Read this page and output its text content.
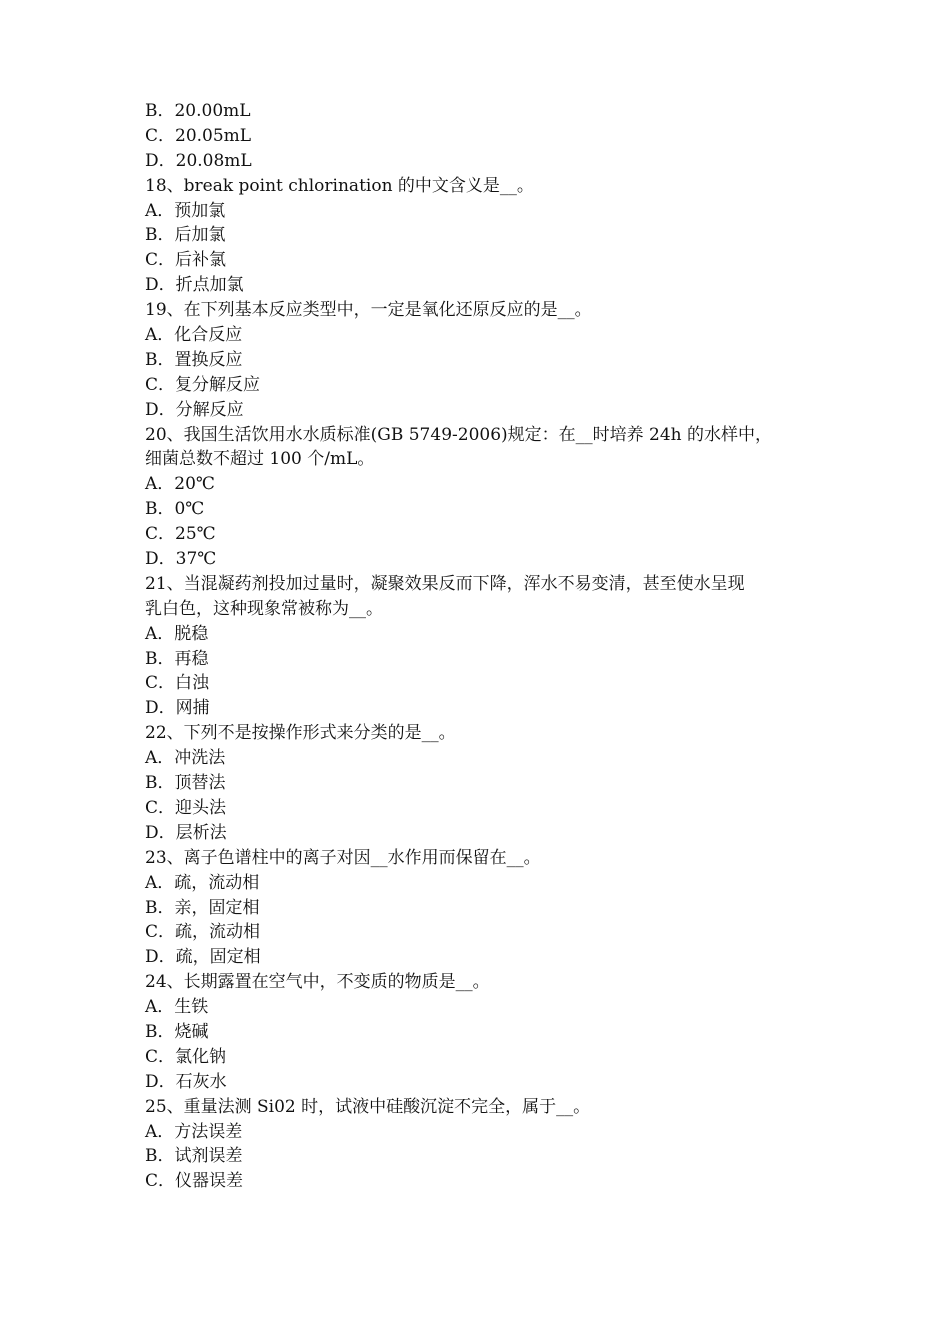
B．20.00mL

C．20.05mL

D．20.08mL

18、break point chlorination 的中文含义是__。

A．预加氯

B．后加氯

C．后补氯

D．折点加氯

19、在下列基本反应类型中，一定是氧化还原反应的是__。

A．化合反应

B．置换反应

C．复分解反应

D．分解反应

20、我国生活饮用水水质标准(GB 5749-2006)规定：在__时培养 24h 的水样中，

细菌总数不超过 100 个/mL。

A．20℃

B．0℃

C．25℃

D．37℃

21、当混凝药剂投加过量时，凝聚效果反而下降，浑水不易变清，甚至使水呈现

乳白色，这种现象常被称为__。

A．脱稳

B．再稳

C．白浊

D．网捕

22、下列不是按操作形式来分类的是__。

A．冲洗法

B．顶替法

C．迎头法

D．层析法

23、离子色谱柱中的离子对因__水作用而保留在__。

A．疏，流动相

B．亲，固定相

C．疏，流动相

D．疏，固定相

24、长期露置在空气中，不变质的物质是__。

A．生铁

B．烧碱

C．氯化钠

D．石灰水

25、重量法测 Si02 时，试液中硅酸沉淀不完全，属于__。

A．方法误差

B．试剂误差

C．仪器误差
